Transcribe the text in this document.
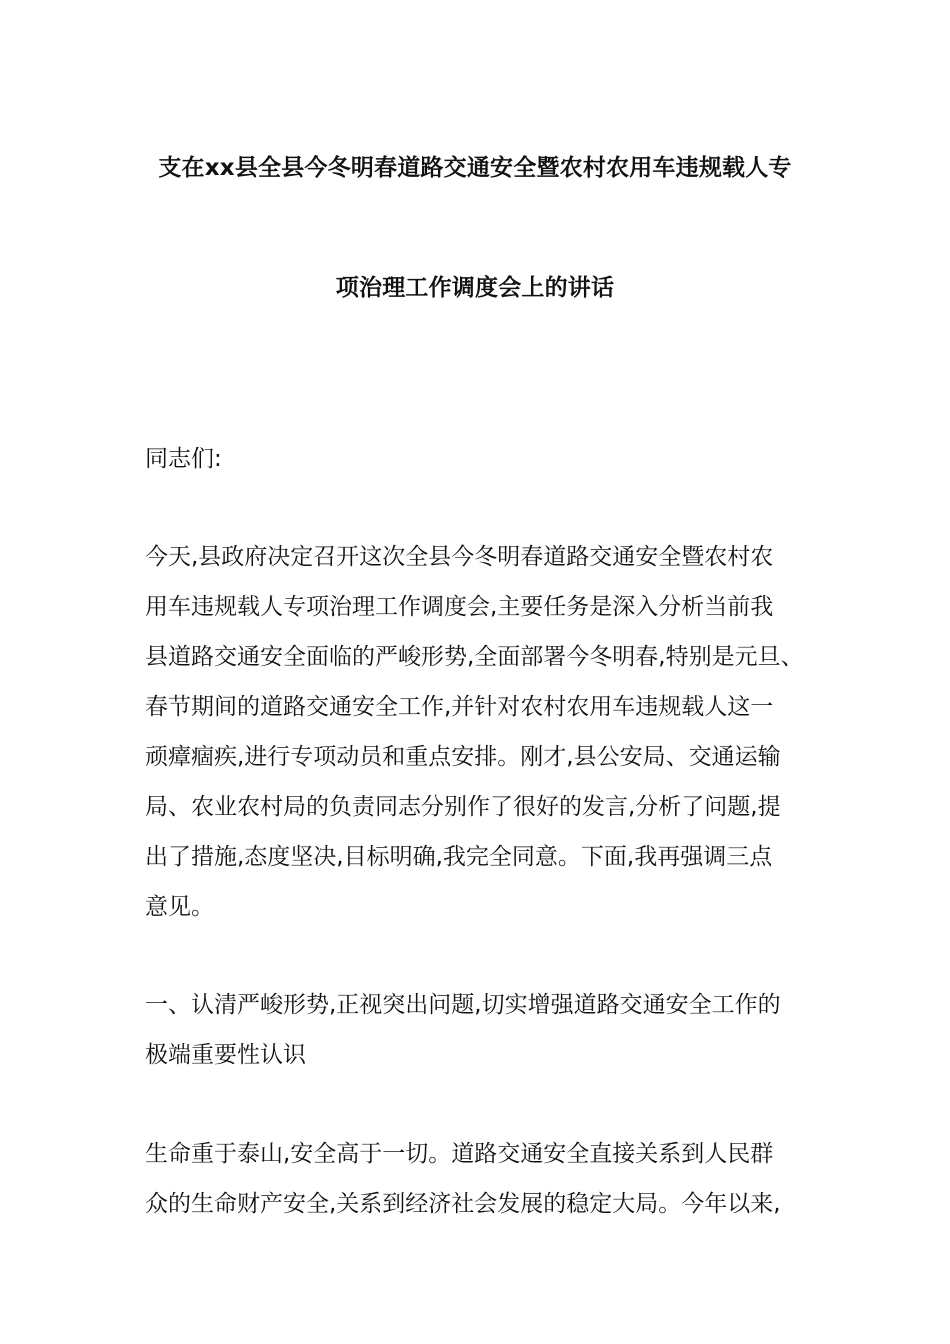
支在xx县全县今冬明春道路交通安全暨农村农用车违规载人专
项治理工作调度会上的讲话
同志们:
今天,县政府决定召开这次全县今冬明春道路交通安全暨农村农
用车违规载人专项治理工作调度会,主要任务是深入分析当前我
县道路交通安全面临的严峻形势,全面部署今冬明春,特别是元旦、
春节期间的道路交通安全工作,并针对农村农用车违规载人这一
顽瘴痼疾,进行专项动员和重点安排。刚才,县公安局、交通运输
局、农业农村局的负责同志分别作了很好的发言,分析了问题,提
出了措施,态度坚决,目标明确,我完全同意。下面,我再强调三点
意见。
一、认清严峻形势,正视突出问题,切实增强道路交通安全工作的
极端重要性认识
生命重于泰山,安全高于一切。道路交通安全直接关系到人民群
众的生命财产安全,关系到经济社会发展的稳定大局。今年以来,
